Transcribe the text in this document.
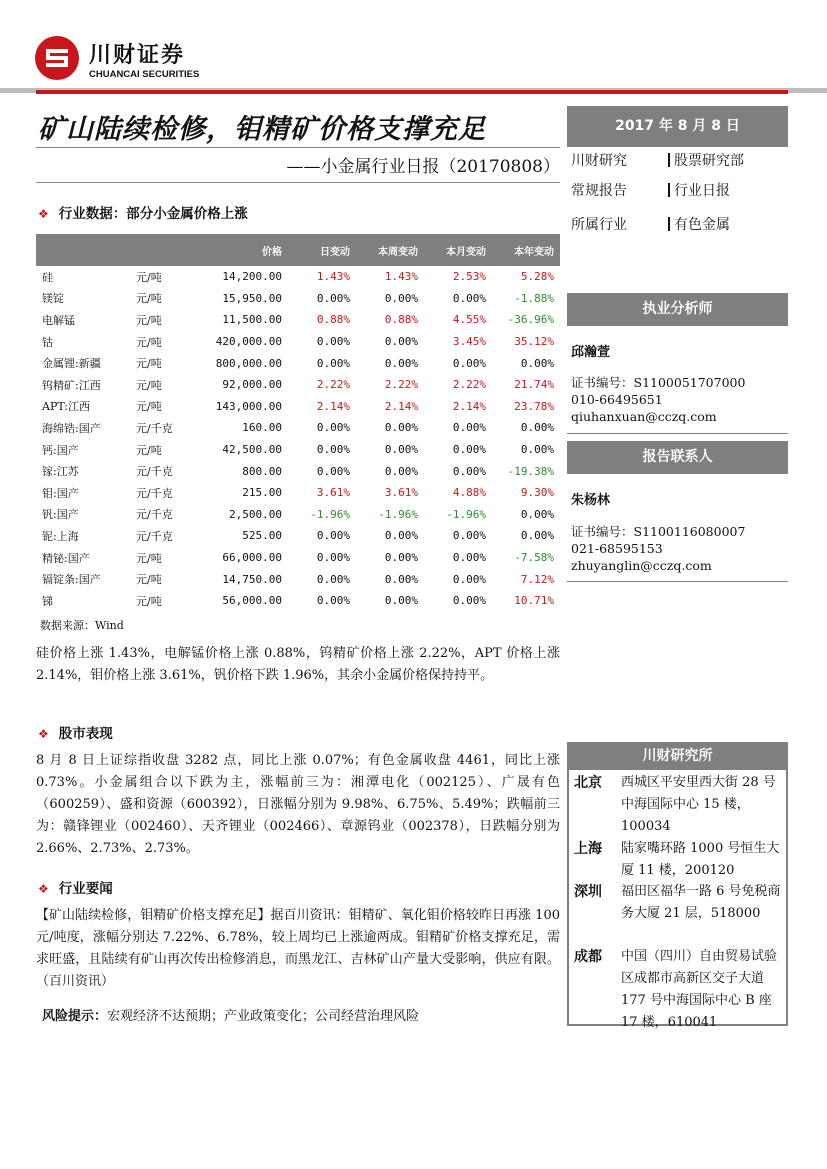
川财证券
CHUANCAI SECURITIES
矿山陆续检修，钼精矿价格支撑充足
——小金属行业日报（20170808）
❖ 行业数据：部分小金属价格上涨
		价格	日变动	本周变动	本月变动	本年变动
硅	元/吨	14,200.00	1.43%	1.43%	2.53%	5.28%
镁锭	元/吨	15,950.00	0.00%	0.00%	0.00%	-1.88%
电解锰	元/吨	11,500.00	0.88%	0.88%	4.55%	-36.96%
钴	元/吨	420,000.00	0.00%	0.00%	3.45%	35.12%
金属锂:新疆	元/吨	800,000.00	0.00%	0.00%	0.00%	0.00%
钨精矿:江西	元/吨	92,000.00	2.22%	2.22%	2.22%	21.74%
APT:江西	元/吨	143,000.00	2.14%	2.14%	2.14%	23.78%
海绵锆:国产	元/千克	160.00	0.00%	0.00%	0.00%	0.00%
钙:国产	元/吨	42,500.00	0.00%	0.00%	0.00%	0.00%
镓:江苏	元/千克	800.00	0.00%	0.00%	0.00%	-19.38%
钼:国产	元/千克	215.00	3.61%	3.61%	4.88%	9.30%
钒:国产	元/千克	2,500.00	-1.96%	-1.96%	-1.96%	0.00%
铌:上海	元/千克	525.00	0.00%	0.00%	0.00%	0.00%
精铋:国产	元/吨	66,000.00	0.00%	0.00%	0.00%	-7.58%
镉锭条:国产	元/吨	14,750.00	0.00%	0.00%	0.00%	7.12%
锑	元/吨	56,000.00	0.00%	0.00%	0.00%	10.71%
数据来源：Wind
硅价格上涨 1.43%，电解锰价格上涨 0.88%，钨精矿价格上涨 2.22%，APT 价格上涨 2.14%，钼价格上涨 3.61%，钒价格下跌 1.96%，其余小金属价格保持持平。
❖ 股市表现
8 月 8 日上证综指收盘 3282 点，同比上涨 0.07%；有色金属收盘 4461，同比上涨 0.73%。小金属组合以下跌为主，涨幅前三为：湘潭电化（002125）、广晟有色（600259）、盛和资源（600392），日涨幅分别为 9.98%、6.75%、5.49%；跌幅前三为：赣锋锂业（002460）、天齐锂业（002466）、章源钨业（002378），日跌幅分别为 2.66%、2.73%、2.73%。
❖ 行业要闻
【矿山陆续检修，钼精矿价格支撑充足】据百川资讯：钼精矿、氧化钼价格较昨日再涨 100 元/吨度，涨幅分别达 7.22%、6.78%，较上周均已上涨逾两成。钼精矿价格支撑充足，需求旺盛，且陆续有矿山再次传出检修消息，而黑龙江、吉林矿山产量大受影响，供应有限。（百川资讯）
风险提示：宏观经济不达预期；产业政策变化；公司经营治理风险
2017 年 8 月 8 日
川财研究	股票研究部
常规报告	行业日报
所属行业	有色金属
执业分析师
邱瀚萱
证书编号：S1100051707000
010-66495651
qiuhanxuan@cczq.com
报告联系人
朱杨林
证书编号：S1100116080007
021-68595153
zhuyanglin@cczq.com
川财研究所
北京 西城区平安里西大街 28 号中海国际中心 15 楼，100034
上海 陆家嘴环路 1000 号恒生大厦 11 楼，200120
深圳 福田区福华一路 6 号免税商务大厦 21 层，518000
成都 中国（四川）自由贸易试验区成都市高新区交子大道 177 号中海国际中心 B 座 17 楼，610041
